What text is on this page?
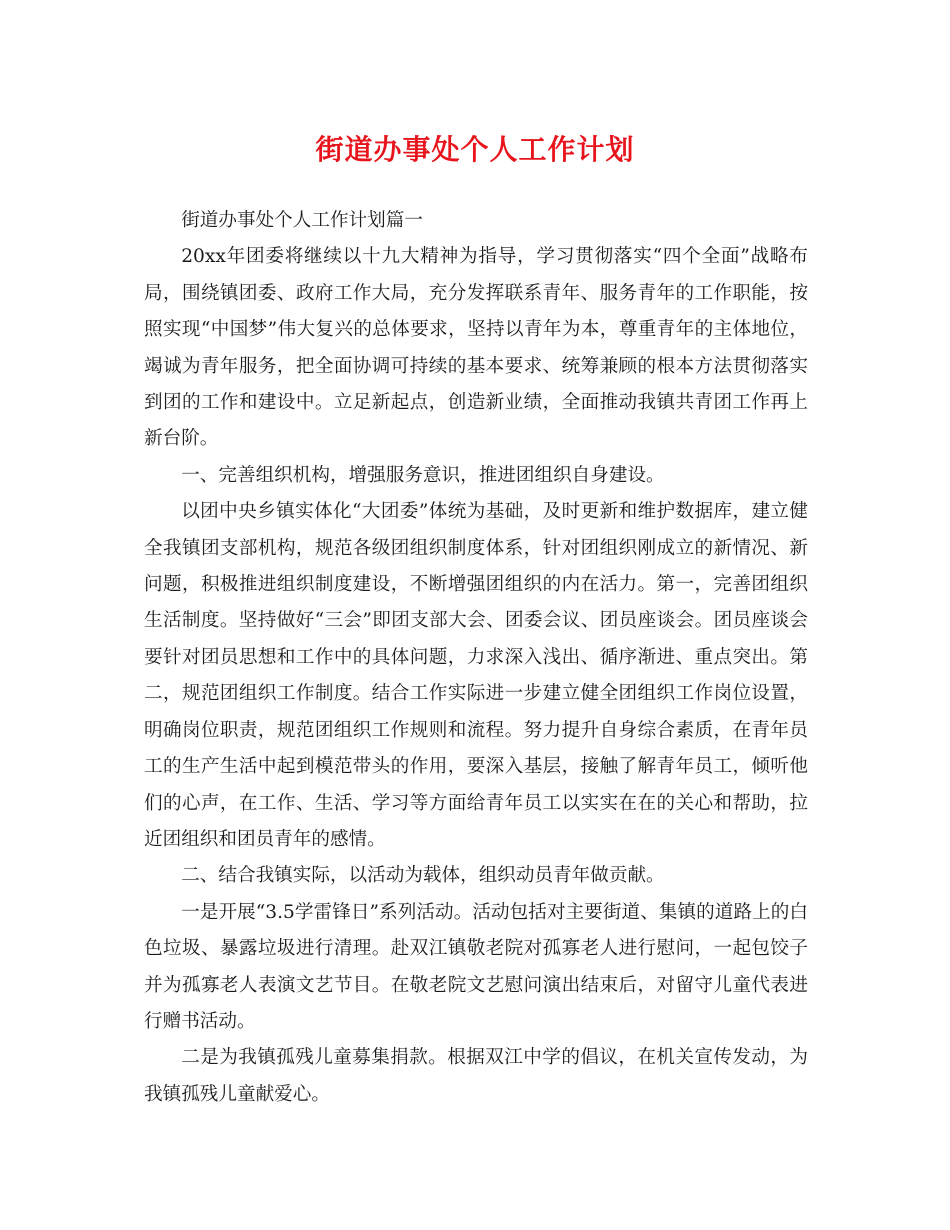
街道办事处个人工作计划

街道办事处个人工作计划篇一

20xx年团委将继续以十九大精神为指导，学习贯彻落实“四个全面”战略布局，围绕镇团委、政府工作大局，充分发挥联系青年、服务青年的工作职能，按照实现“中国梦”伟大复兴的总体要求，坚持以青年为本，尊重青年的主体地位，竭诚为青年服务，把全面协调可持续的基本要求、统筹兼顾的根本方法贯彻落实到团的工作和建设中。立足新起点，创造新业绩，全面推动我镇共青团工作再上新台阶。

一、完善组织机构，增强服务意识，推进团组织自身建设。

以团中央乡镇实体化“大团委”体统为基础，及时更新和维护数据库，建立健全我镇团支部机构，规范各级团组织制度体系，针对团组织刚成立的新情况、新问题，积极推进组织制度建设，不断增强团组织的内在活力。第一，完善团组织生活制度。坚持做好“三会”即团支部大会、团委会议、团员座谈会。团员座谈会要针对团员思想和工作中的具体问题，力求深入浅出、循序渐进、重点突出。第二，规范团组织工作制度。结合工作实际进一步建立健全团组织工作岗位设置，明确岗位职责，规范团组织工作规则和流程。努力提升自身综合素质，在青年员工的生产生活中起到模范带头的作用，要深入基层，接触了解青年员工，倾听他们的心声，在工作、生活、学习等方面给青年员工以实实在在的关心和帮助，拉近团组织和团员青年的感情。

二、结合我镇实际，以活动为载体，组织动员青年做贡献。

一是开展“3.5学雷锋日”系列活动。活动包括对主要街道、集镇的道路上的白色垃圾、暴露垃圾进行清理。赴双江镇敬老院对孤寡老人进行慰问，一起包饺子并为孤寡老人表演文艺节目。在敬老院文艺慰问演出结束后，对留守儿童代表进行赠书活动。

二是为我镇孤残儿童募集捐款。根据双江中学的倡议，在机关宣传发动，为我镇孤残儿童献爱心。
